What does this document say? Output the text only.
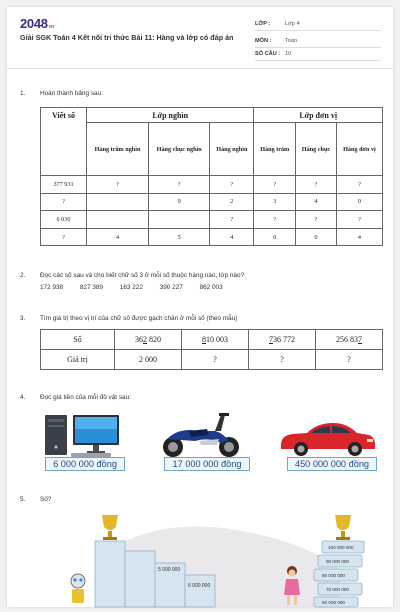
2048vn
Giải SGK Toán 4 Kết nối tri thức Bài 11: Hàng và lớp có đáp án
LỚP :	Lớp 4
MÔN : Toán
SỐ CÂU : 10
1. Hoàn thành bảng sau:
Viết số	Lớp nghìn			Lớp đơn vị		
	Hàng trăm nghìn	Hàng chục nghìn	Hàng nghìn	Hàng trăm	Hàng chục	Hàng đơn vị
377 931	?	?	?	?	?	?
?		9	2	3	4	0
6 030			?	?	?	?
?	4	5	4	0	0	4
2. Đọc các số sau và cho biết chữ số 3 ở mỗi số thuộc hàng nào, lớp nào?
172 938	827 389	163 222	390 227	862 003
3. Tìm giá trị theo vị trí của chữ số được gạch chân ở mỗi số (theo mẫu)
Số	362 820	810 003	736 772	256 837
Giá trị	2 000	?	?	?
4. Đọc giá tiền của mỗi đồ vật sau:
6 000 000 đồng	17 000 000 đồng	450 000 000 đồng
5. Số?
5 000 000
6 000 000
100 000 000
90 000 000
80 000 000
70 000 000
60 000 000
